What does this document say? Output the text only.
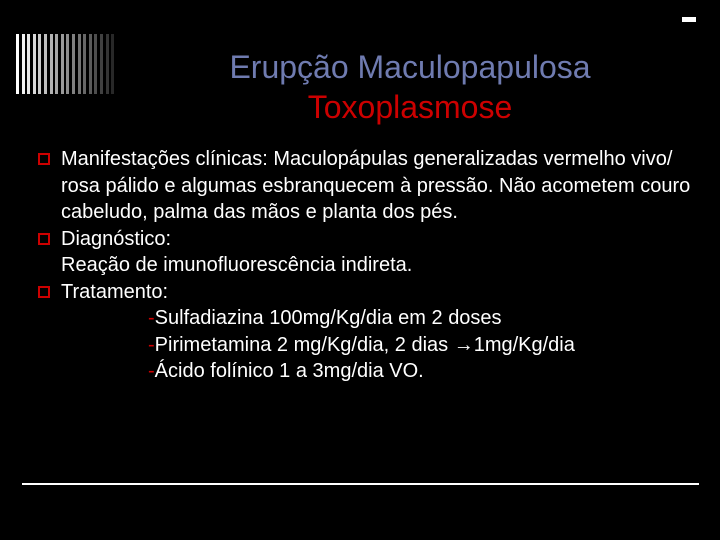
Erupção Maculopapulosa
Toxoplasmose
Manifestações clínicas: Maculopápulas generalizadas vermelho vivo/ rosa pálido e algumas esbranquecem à pressão. Não acometem couro cabeludo, palma das mãos e planta dos pés.
Diagnóstico:
Reação de imunofluorescência indireta.
Tratamento:
-Sulfadiazina 100mg/Kg/dia em 2 doses
-Pirimetamina 2 mg/Kg/dia, 2 dias →1mg/Kg/dia
-Ácido folínico 1 a 3mg/dia VO.
